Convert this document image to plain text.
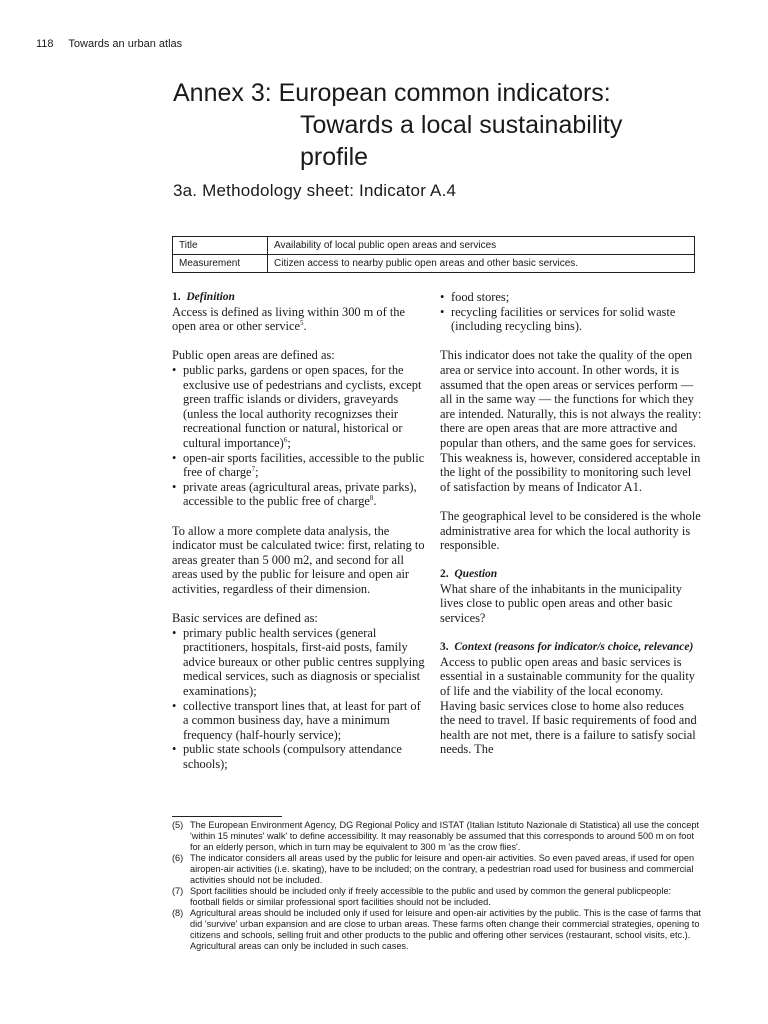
118 Towards an urban atlas
Annex 3: European common indicators:
Towards a local sustainability
profile
3a. Methodology sheet: Indicator A.4
Title	Availability of local public open areas and services
Measurement	Citizen access to nearby public open areas and other basic services.
1. Definition

Access is defined as living within 300 m of the open area or other service$^5$.

Public open areas are defined as:

• public parks, gardens or open spaces, for the exclusive use of pedestrians and cyclists, except green traffic islands or dividers, graveyards (unless the local authority recognizses their recreational function or natural, historical or cultural importance)$^6$;
• open-air sports facilities, accessible to the public free of charge$^7$;
• private areas (agricultural areas, private parks), accessible to the public free of charge$^8$.

To allow a more complete data analysis, the indicator must be calculated twice: first, relating to areas greater than 5 000 m2, and second for all areas used by the public for leisure and open air activities, regardless of their dimension.

Basic services are defined as:

• primary public health services (general practitioners, hospitals, first-aid posts, family advice bureaux or other public centres supplying medical services, such as diagnosis or specialist examinations);
• collective transport lines that, at least for part of a common business day, have a minimum frequency (half-hourly service);
• public state schools (compulsory attendance schools);
• food stores;
• recycling facilities or services for solid waste (including recycling bins).

This indicator does not take the quality of the open area or service into account. In other words, it is assumed that the open areas or services perform — all in the same way — the functions for which they are intended. Naturally, this is not always the reality: there are open areas that are more attractive and popular than others, and the same goes for services. This weakness is, however, considered acceptable in the light of the possibility to monitoring such level of satisfaction by means of Indicator A1.

The geographical level to be considered is the whole administrative area for which the local authority is responsible.

2. Question

What share of the inhabitants in the municipality lives close to public open areas and other basic services?

3. Context (reasons for indicator/s choice, relevance)

Access to public open areas and basic services is essential in a sustainable community for the quality of life and the viability of the local economy. Having basic services close to home also reduces the need to travel. If basic requirements of food and health are not met, there is a failure to satisfy social needs. The

(5) The European Environment Agency, DG Regional Policy and ISTAT (Italian Istituto Nazionale di Statistica) all use the concept 'within 15 minutes' walk' to define accessibility. It may reasonably be assumed that this corresponds to around 500 m on foot for an elderly person, which in turn may be equivalent to 300 m 'as the crow flies'.
(6) The indicator considers all areas used by the public for leisure and open-air activities. So even paved areas, if used for open airopen-air activities (i.e. skating), have to be included; on the contrary, a pedestrian road used for business and commercial activities should not be included.
(7) Sport facilities should be included only if freely accessible to the public and used by common the general publicpeople: football fields or similar professional sport facilities should not be included.
(8) Agricultural areas should be included only if used for leisure and open-air activities by the public. This is the case of farms that did 'survive' urban expansion and are close to urban areas. These farms often change their commercial strategies, opening to citizens and schools, selling fruit and other products to the public and offering other services (restaurant, school visits, etc.). Agricultural areas can only be included in such cases.
